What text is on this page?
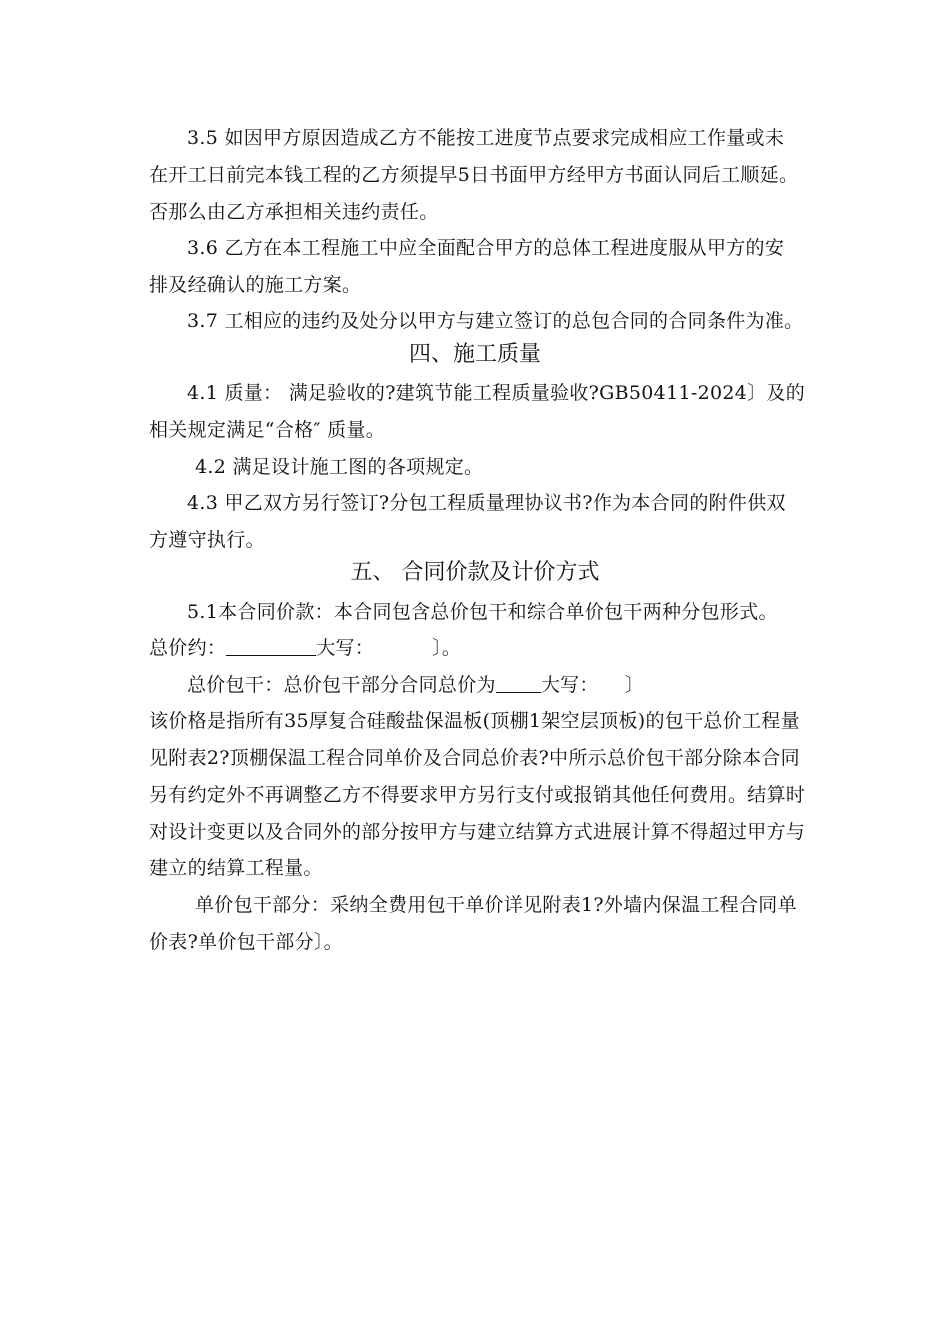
3.5 如因甲方原因造成乙方不能按工进度节点要求完成相应工作量或未
在开工日前完本钱工程的乙方须提早5日书面甲方经甲方书面认同后工顺延。
否那么由乙方承担相关违约责任。
3.6 乙方在本工程施工中应全面配合甲方的总体工程进度服从甲方的安
排及经确认的施工方案。
3.7 工相应的违约及处分以甲方与建立签订的总包合同的合同条件为准。
四、施工质量
4.1 质量： 满足验收的?建筑节能工程质量验收?GB50411-2024〕及的
相关规定满足“合格″ 质量。
4.2 满足设计施工图的各项规定。
4.3 甲乙双方另行签订?分包工程质量理协议书?作为本合同的附件供双
方遵守执行。
五、 合同价款及计价方式
5.1本合同价款：本合同包含总价包干和综合单价包干两种分包形式。
总价约：	大写：	〕。
总价包干：总价包干部分合同总价为 大写： 〕
该价格是指所有35厚复合硅酸盐保温板(顶棚1架空层顶板)的包干总价工程量
见附表2?顶棚保温工程合同单价及合同总价表?中所示总价包干部分除本合同
另有约定外不再调整乙方不得要求甲方另行支付或报销其他任何费用。结算时
对设计变更以及合同外的部分按甲方与建立结算方式进展计算不得超过甲方与
建立的结算工程量。
单价包干部分：采纳全费用包干单价详见附表1?外墙内保温工程合同单
价表?单价包干部分〕。
